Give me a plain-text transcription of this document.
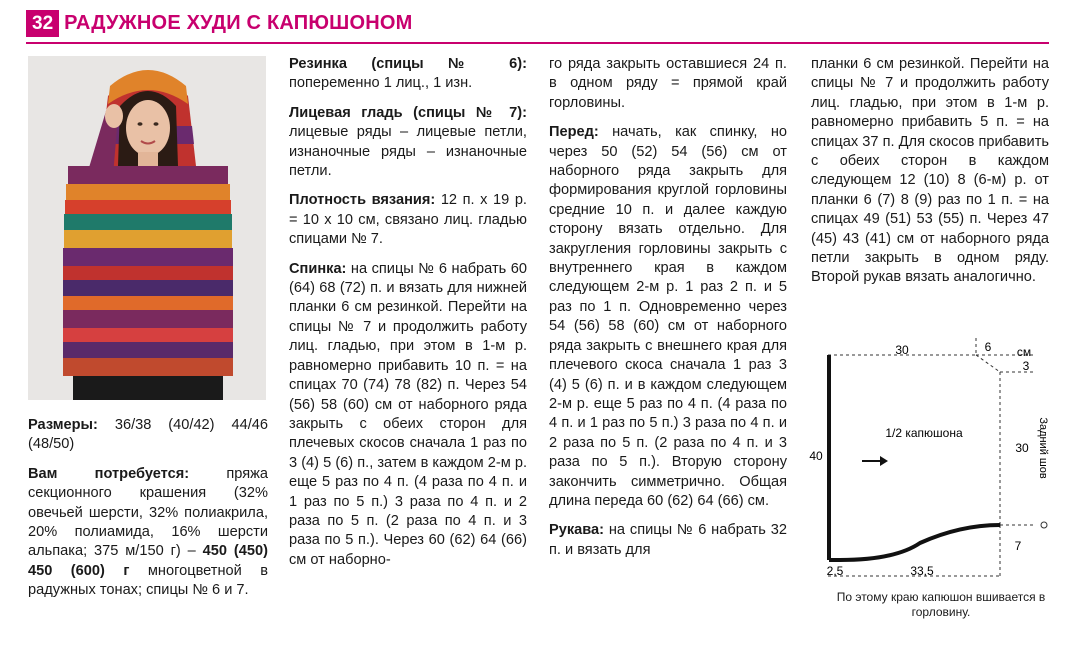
32 РАДУЖНОЕ ХУДИ С КАПЮШОНОМ

Размеры: 36/38 (40/42) 44/46 (48/50)

Вам потребуется: пряжа секционного крашения (32% овечьей шерсти, 32% полиакрила, 20% полиамида, 16% шерсти альпака; 375 м/150 г) – 450 (450) 450 (600) г многоцветной в радужных тонах; спицы № 6 и 7.

Резинка (спицы № 6): попеременно 1 лиц., 1 изн.

Лицевая гладь (спицы № 7): лицевые ряды – лицевые петли, изнаночные ряды – изнаночные петли.

Плотность вязания: 12 п. х 19 р. = 10 х 10 см, связано лиц. гладью спицами № 7.

Спинка: на спицы № 6 набрать 60 (64) 68 (72) п. и вязать для нижней планки 6 см резинкой. Перейти на спицы № 7 и продолжить работу лиц. гладью, при этом в 1-м р. равномерно прибавить 10 п. = на спицах 70 (74) 78 (82) п. Через 54 (56) 58 (60) см от наборного ряда закрыть с обеих сторон для плечевых скосов сначала 1 раз по 3 (4) 5 (6) п., затем в каждом 2-м р. еще 5 раз по 4 п. (4 раза по 4 п. и 1 раз по 5 п.) 3 раза по 4 п. и 2 раза по 5 п. (2 раза по 4 п. и 3 раза по 5 п.). Через 60 (62) 64 (66) см от наборно-

го ряда закрыть оставшиеся 24 п. в одном ряду = прямой край горловины.

Перед: начать, как спинку, но через 50 (52) 54 (56) см от наборного ряда закрыть для формирования круглой горловины средние 10 п. и далее каждую сторону вязать отдельно. Для закругления горловины закрыть с внутреннего края в каждом следующем 2-м р. 1 раз 2 п. и 5 раз по 1 п. Одновременно через 54 (56) 58 (60) см от наборного ряда закрыть с внешнего края для плечевого скоса сначала 1 раз 3 (4) 5 (6) п. и в каждом следующем 2-м р. еще 5 раз по 4 п. (4 раза по 4 п. и 1 раз по 5 п.) 3 раза по 4 п. и 2 раза по 5 п. (2 раза по 4 п. и 3 раза по 5 п.). Вторую сторону закончить симметрично. Общая длина переда 60 (62) 64 (66) см.

Рукава: на спицы № 6 набрать 32 п. и вязать для

планки 6 см резинкой. Перейти на спицы № 7 и продолжить работу лиц. гладью, при этом в 1-м р. равномерно прибавить 5 п. = на спицах 37 п. Для скосов прибавить с обеих сторон в каждом следующем 12 (10) 8 (6-м) р. от планки 6 (7) 8 (9) раз по 1 п. = на спицах 49 (51) 53 (55) п. Через 47 (45) 43 (41) см от наборного ряда петли закрыть в одном ряду. Второй рукав вязать аналогично.

30	6 см
3
40
30 Задний шов
1/2 капюшона
2,5	33,5
7
По этому краю капюшон вшивается в горловину.
